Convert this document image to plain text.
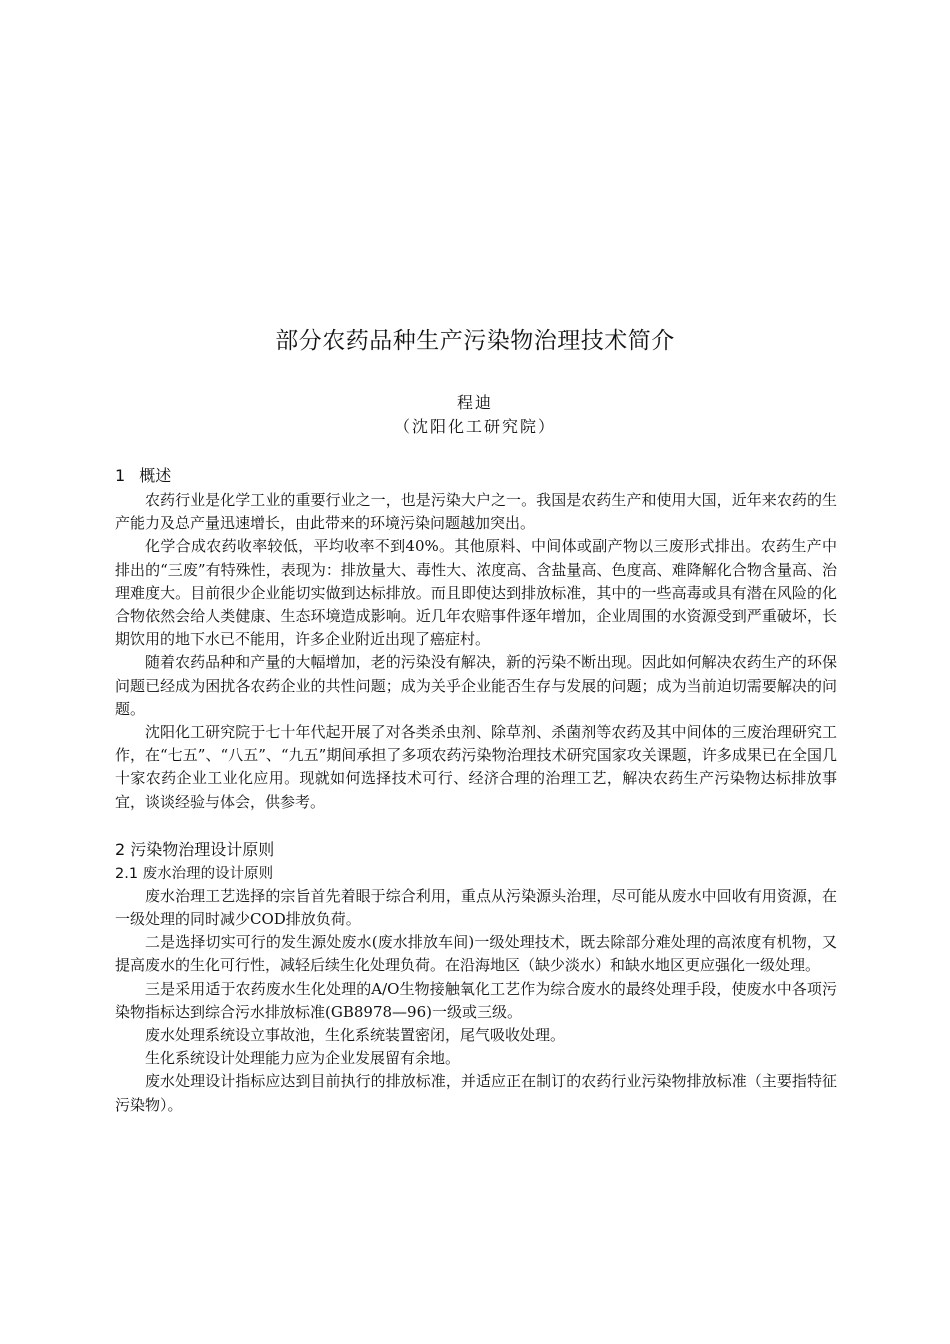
部分农药品种生产污染物治理技术简介
程迪
（沈阳化工研究院）
1 概述

农药行业是化学工业的重要行业之一，也是污染大户之一。我国是农药生产和使用大国，近年来农药的生产能力及总产量迅速增长，由此带来的环境污染问题越加突出。

化学合成农药收率较低，平均收率不到40%。其他原料、中间体或副产物以三废形式排出。农药生产中排出的“三废”有特殊性，表现为：排放量大、毒性大、浓度高、含盐量高、色度高、难降解化合物含量高、治理难度大。目前很少企业能切实做到达标排放。而且即使达到排放标准，其中的一些高毒或具有潜在风险的化合物依然会给人类健康、生态环境造成影响。近几年农赔事件逐年增加，企业周围的水资源受到严重破坏，长期饮用的地下水已不能用，许多企业附近出现了癌症村。

随着农药品种和产量的大幅增加，老的污染没有解决，新的污染不断出现。因此如何解决农药生产的环保问题已经成为困扰各农药企业的共性问题；成为关乎企业能否生存与发展的问题；成为当前迫切需要解决的问题。

沈阳化工研究院于七十年代起开展了对各类杀虫剂、除草剂、杀菌剂等农药及其中间体的三废治理研究工作，在“七五”、“八五”、“九五”期间承担了多项农药污染物治理技术研究国家攻关课题，许多成果已在全国几十家农药企业工业化应用。现就如何选择技术可行、经济合理的治理工艺，解决农药生产污染物达标排放事宜，谈谈经验与体会，供参考。

2 污染物治理设计原则
2.1 废水治理的设计原则

废水治理工艺选择的宗旨首先着眼于综合利用，重点从污染源头治理，尽可能从废水中回收有用资源，在一级处理的同时减少COD排放负荷。

二是选择切实可行的发生源处废水(废水排放车间)一级处理技术，既去除部分难处理的高浓度有机物，又提高废水的生化可行性，减轻后续生化处理负荷。在沿海地区（缺少淡水）和缺水地区更应强化一级处理。

三是采用适于农药废水生化处理的A/O生物接触氧化工艺作为综合废水的最终处理手段，使废水中各项污染物指标达到综合污水排放标准(GB8978—96)一级或三级。

废水处理系统设立事故池，生化系统装置密闭，尾气吸收处理。

生化系统设计处理能力应为企业发展留有余地。

废水处理设计指标应达到目前执行的排放标准，并适应正在制订的农药行业污染物排放标准（主要指特征污染物）。
